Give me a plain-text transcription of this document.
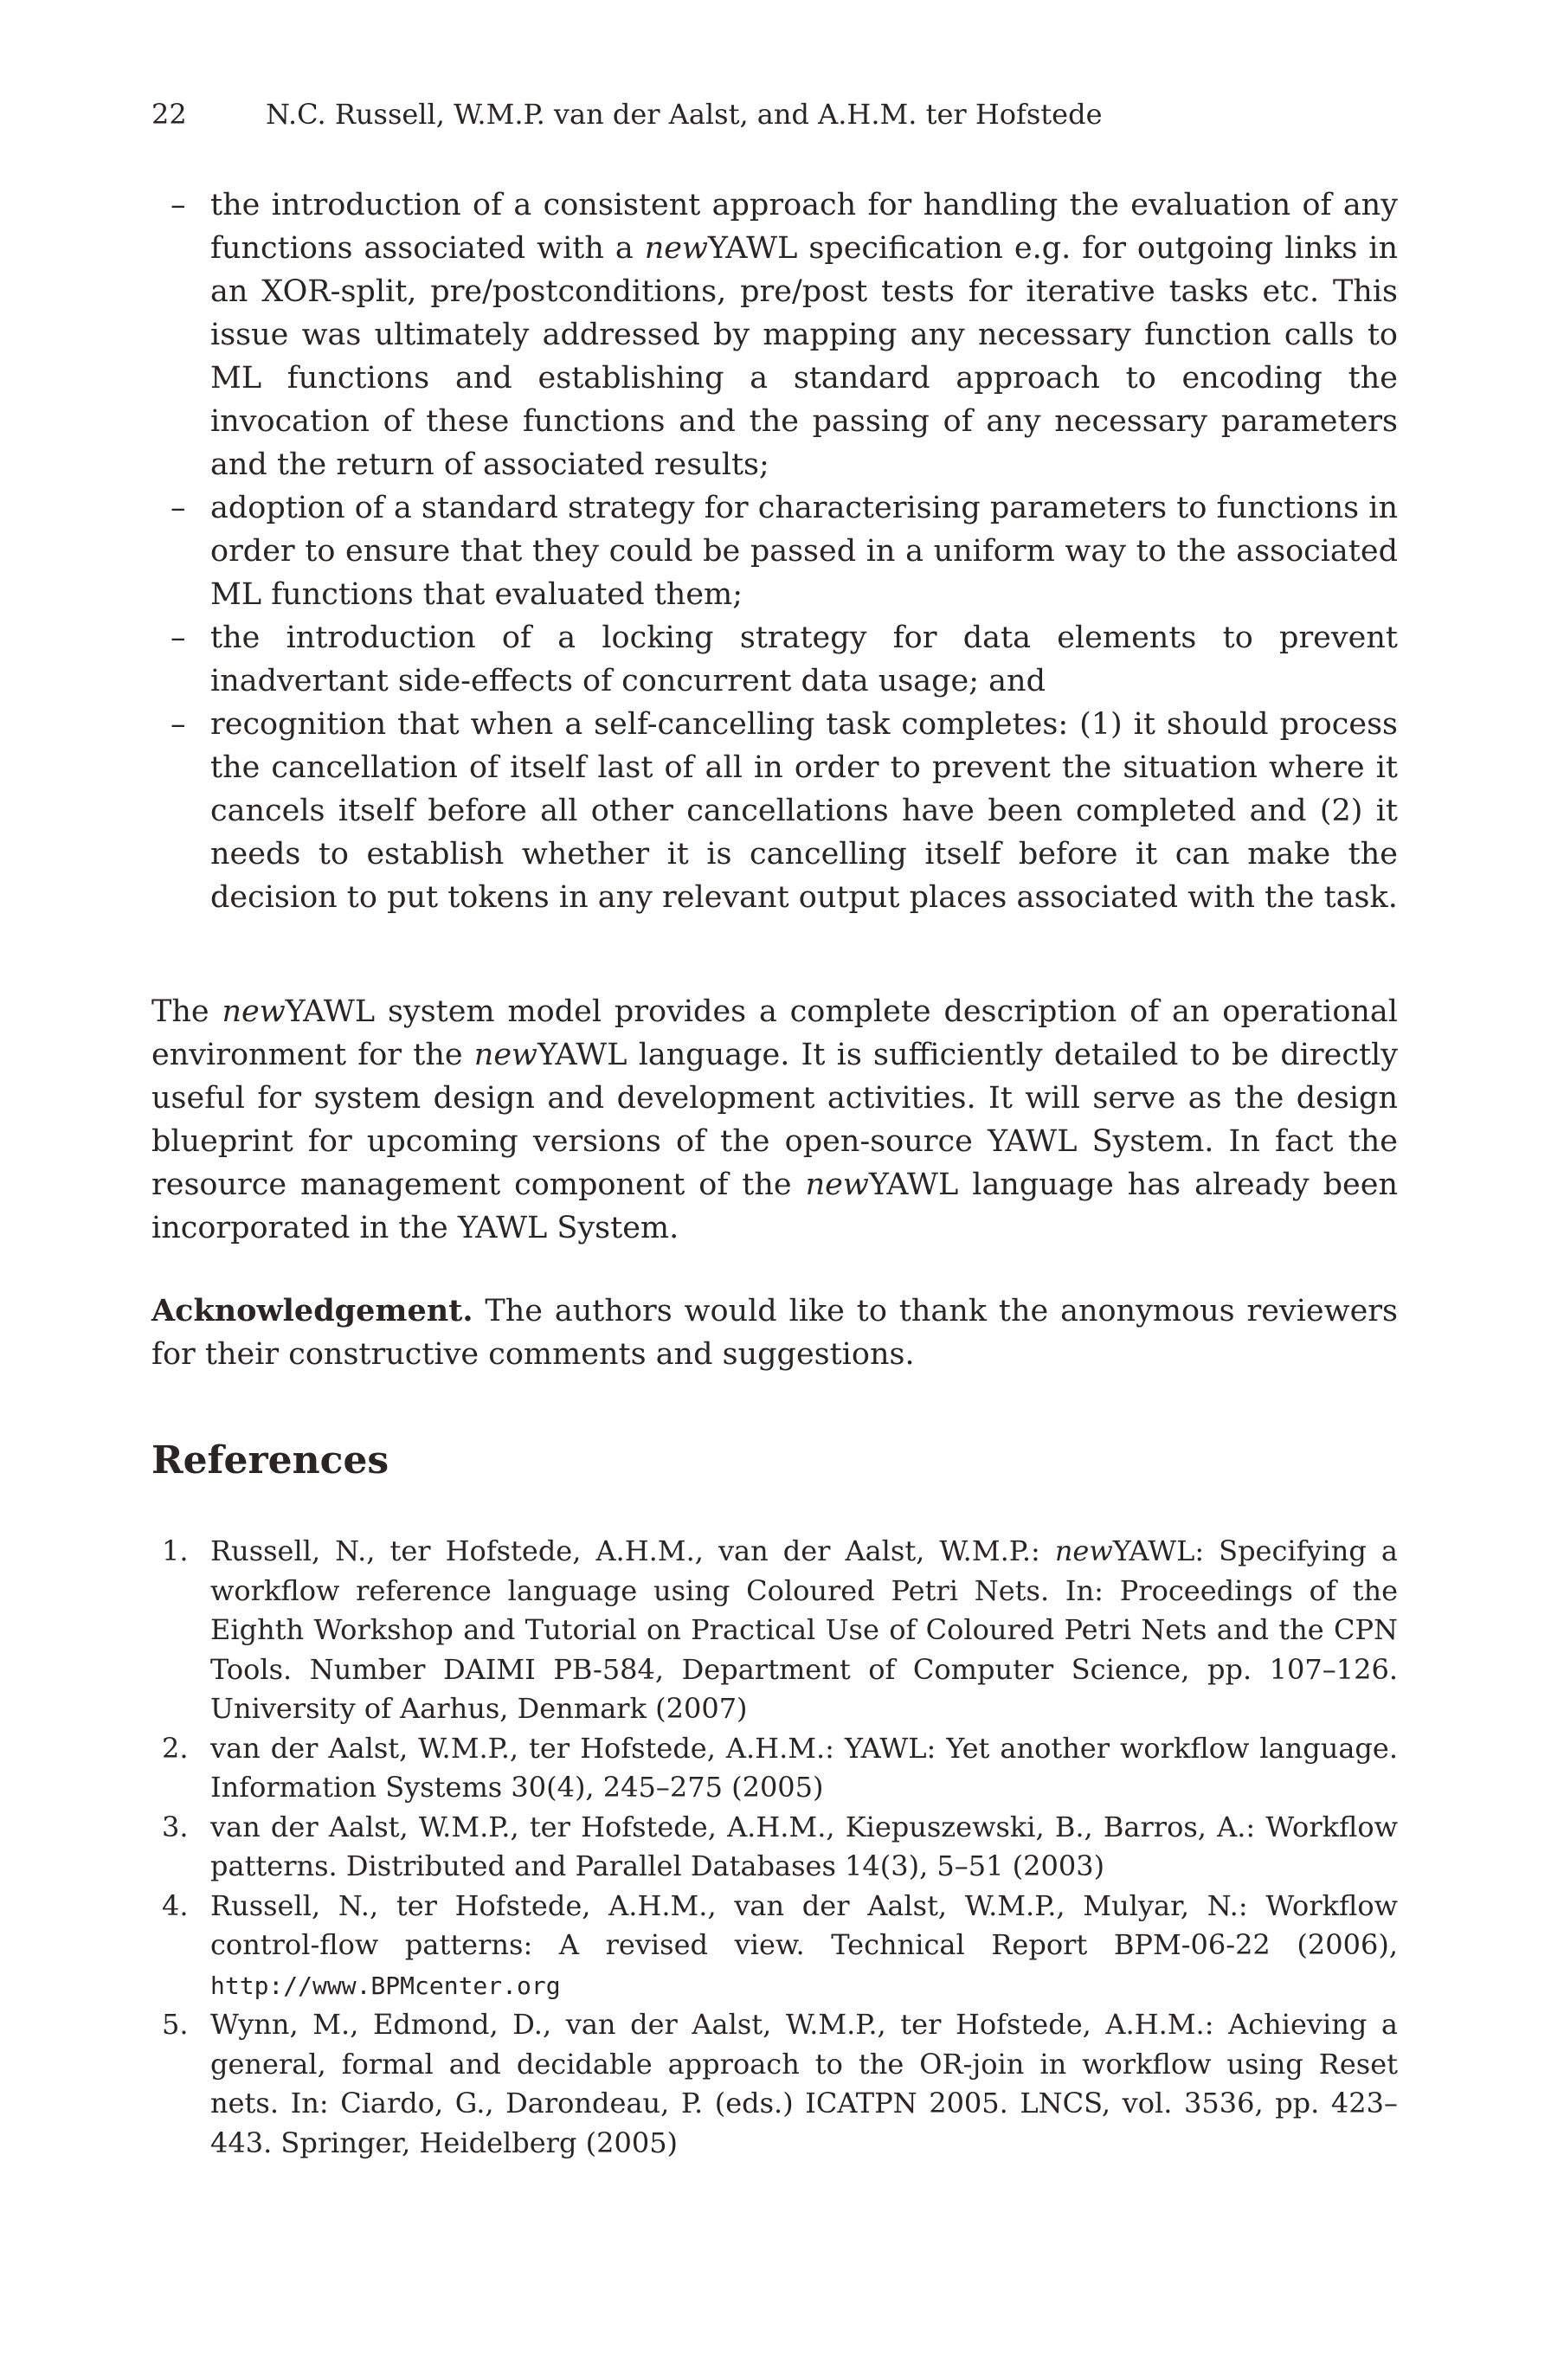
22	N.C. Russell, W.M.P. van der Aalst, and A.H.M. ter Hofstede
– the introduction of a consistent approach for handling the evaluation of any functions associated with a newYAWL specification e.g. for outgoing links in an XOR-split, pre/postconditions, pre/post tests for iterative tasks etc. This issue was ultimately addressed by mapping any necessary function calls to ML functions and establishing a standard approach to encoding the invocation of these functions and the passing of any necessary parameters and the return of associated results;
– adoption of a standard strategy for characterising parameters to functions in order to ensure that they could be passed in a uniform way to the associated ML functions that evaluated them;
– the introduction of a locking strategy for data elements to prevent inadvertant side-effects of concurrent data usage; and
– recognition that when a self-cancelling task completes: (1) it should process the cancellation of itself last of all in order to prevent the situation where it cancels itself before all other cancellations have been completed and (2) it needs to establish whether it is cancelling itself before it can make the decision to put tokens in any relevant output places associated with the task.

The newYAWL system model provides a complete description of an operational environment for the newYAWL language. It is sufficiently detailed to be directly useful for system design and development activities. It will serve as the design blueprint for upcoming versions of the open-source YAWL System. In fact the resource management component of the newYAWL language has already been incorporated in the YAWL System.

Acknowledgement. The authors would like to thank the anonymous reviewers for their constructive comments and suggestions.

References
1. Russell, N., ter Hofstede, A.H.M., van der Aalst, W.M.P.: newYAWL: Specifying a workflow reference language using Coloured Petri Nets. In: Proceedings of the Eighth Workshop and Tutorial on Practical Use of Coloured Petri Nets and the CPN Tools. Number DAIMI PB-584, Department of Computer Science, pp. 107–126. University of Aarhus, Denmark (2007)
2. van der Aalst, W.M.P., ter Hofstede, A.H.M.: YAWL: Yet another workflow language. Information Systems 30(4), 245–275 (2005)
3. van der Aalst, W.M.P., ter Hofstede, A.H.M., Kiepuszewski, B., Barros, A.: Workflow patterns. Distributed and Parallel Databases 14(3), 5–51 (2003)
4. Russell, N., ter Hofstede, A.H.M., van der Aalst, W.M.P., Mulyar, N.: Workflow control-flow patterns: A revised view. Technical Report BPM-06-22 (2006), http://www.BPMcenter.org
5. Wynn, M., Edmond, D., van der Aalst, W.M.P., ter Hofstede, A.H.M.: Achieving a general, formal and decidable approach to the OR-join in workflow using Reset nets. In: Ciardo, G., Darondeau, P. (eds.) ICATPN 2005. LNCS, vol. 3536, pp. 423–443. Springer, Heidelberg (2005)
